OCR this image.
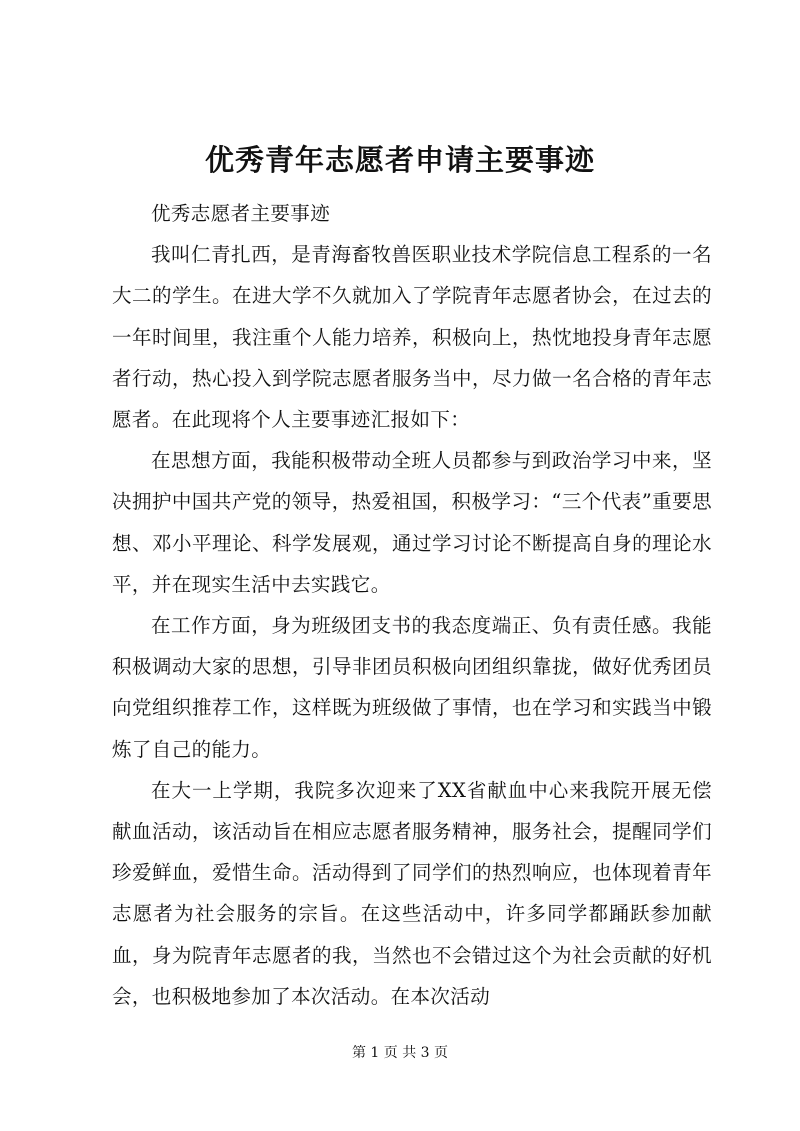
优秀青年志愿者申请主要事迹

优秀志愿者主要事迹

我叫仁青扎西，是青海畜牧兽医职业技术学院信息工程系的一名大二的学生。在进大学不久就加入了学院青年志愿者协会，在过去的一年时间里，我注重个人能力培养，积极向上，热忱地投身青年志愿者行动，热心投入到学院志愿者服务当中，尽力做一名合格的青年志愿者。在此现将个人主要事迹汇报如下：

在思想方面，我能积极带动全班人员都参与到政治学习中来，坚决拥护中国共产党的领导，热爱祖国，积极学习：“三个代表”重要思想、邓小平理论、科学发展观，通过学习讨论不断提高自身的理论水平，并在现实生活中去实践它。

在工作方面，身为班级团支书的我态度端正、负有责任感。我能积极调动大家的思想，引导非团员积极向团组织靠拢，做好优秀团员向党组织推荐工作，这样既为班级做了事情，也在学习和实践当中锻炼了自己的能力。

在大一上学期，我院多次迎来了XX省献血中心来我院开展无偿献血活动，该活动旨在相应志愿者服务精神，服务社会，提醒同学们珍爱鲜血，爱惜生命。活动得到了同学们的热烈响应，也体现着青年志愿者为社会服务的宗旨。在这些活动中，许多同学都踊跃参加献血，身为院青年志愿者的我，当然也不会错过这个为社会贡献的好机会，也积极地参加了本次活动。在本次活动

第 1 页 共 3 页
